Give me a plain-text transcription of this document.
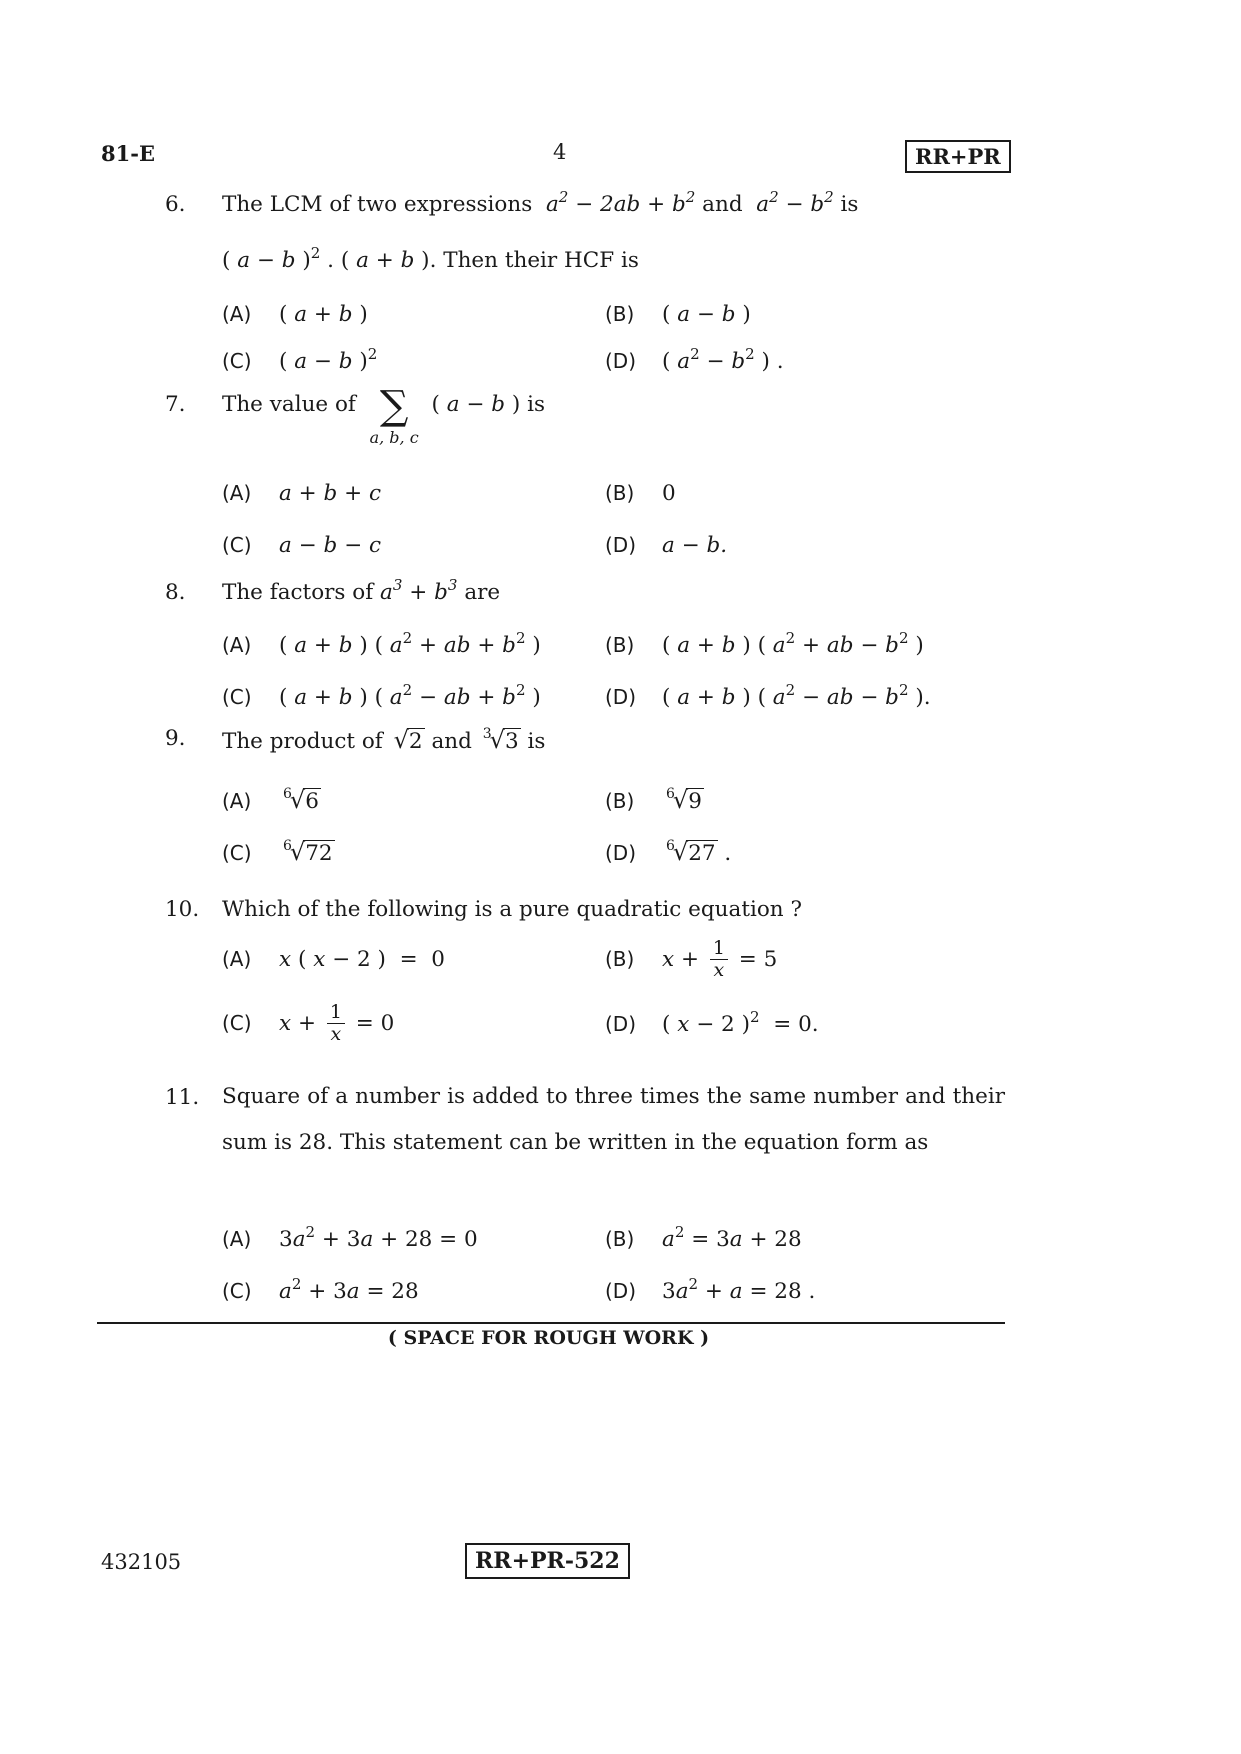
81-E	4	RR+PR
6. The LCM of two expressions $a^2 - 2ab + b^2$ and $a^2 - b^2$ is
( a − b )$^2$ . ( a + b ). Then their HCF is
(A) ( a + b )	(B) ( a − b )
(C) ( a − b )$^2$	(D) ( $a^2 - b^2$ ) .
7. The value of ∑
a, b, c
( a − b ) is
(A) a + b + c	(B) 0
(C) a − b − c	(D) a − b.
8. The factors of $a^3 + b^3$ are
(A) ( a + b ) ( $a^2$ + ab + $b^2$ )	(B) ( a + b ) ( $a^2$ + ab − $b^2$ )
(C) ( a + b ) ( $a^2$ − ab + $b^2$ )	(D) ( a + b ) ( $a^2$ − ab − $b^2$ ).
9. The product of √2 and $^3$√3 is
(A) $^6$√6	(B) $^6$√9
(C) $^6$√72	(D) $^6$√27 .
10. Which of the following is a pure quadratic equation ?
(A) x ( x − 2 )  =  0	(B) $x + \frac{1}{x} = 5$
(C) $x + \frac{1}{x} = 0$	(D) ( x − 2 )$^2$  = 0.
11. Square of a number is added to three times the same number and their sum is 28. This statement can be written in the equation form as
(A) $3a^2 + 3a + 28 = 0$	(B) $a^2 = 3a + 28$
(C) $a^2 + 3a = 28$	(D) $3a^2 + a = 28$ .
( SPACE FOR ROUGH WORK )
432105	RR+PR-522
